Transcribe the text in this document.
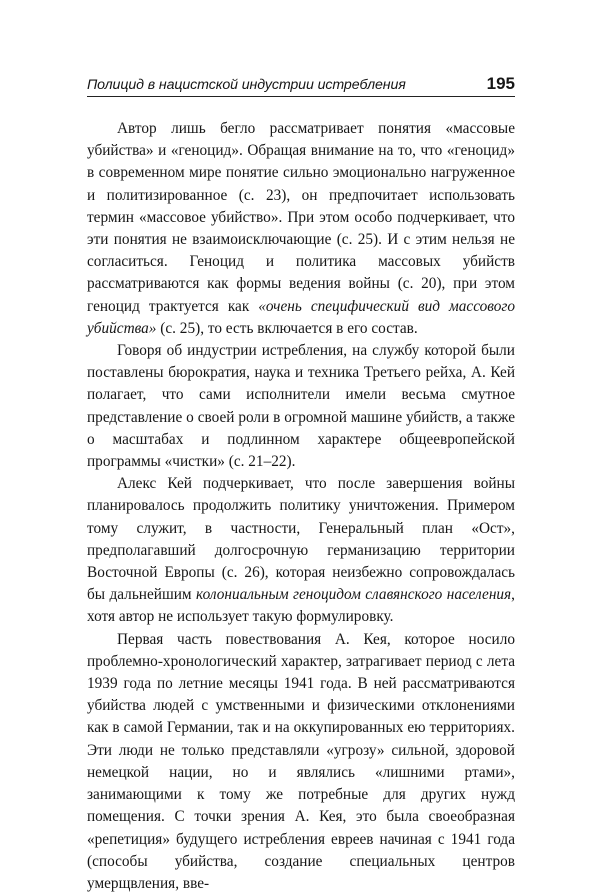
Полицид в нацистской индустрии истребления	195

Автор лишь бегло рассматривает понятия «массовые убийства» и «геноцид». Обращая внимание на то, что «геноцид» в современном мире понятие сильно эмоционально нагруженное и политизированное (с. 23), он предпочитает использовать термин «массовое убийство». При этом особо подчеркивает, что эти понятия не взаимоисключающие (с. 25). И с этим нельзя не согласиться. Геноцид и политика массовых убийств рассматриваются как формы ведения войны (с. 20), при этом геноцид трактуется как «очень специфический вид массового убийства» (с. 25), то есть включается в его состав.

Говоря об индустрии истребления, на службу которой были поставлены бюрократия, наука и техника Третьего рейха, А. Кей полагает, что сами исполнители имели весьма смутное представление о своей роли в огромной машине убийств, а также о масштабах и подлинном характере общеевропейской программы «чистки» (с. 21–22).

Алекс Кей подчеркивает, что после завершения войны планировалось продолжить политику уничтожения. Примером тому служит, в частности, Генеральный план «Ост», предполагавший долгосрочную германизацию территории Восточной Европы (с. 26), которая неизбежно сопровождалась бы дальнейшим колониальным геноцидом славянского населения, хотя автор не использует такую формулировку.

Первая часть повествования А. Кея, которое носило проблемно-хронологический характер, затрагивает период с лета 1939 года по летние месяцы 1941 года. В ней рассматриваются убийства людей с умственными и физическими отклонениями как в самой Германии, так и на оккупированных ею территориях. Эти люди не только представляли «угрозу» сильной, здоровой немецкой нации, но и являлись «лишними ртами», занимающими к тому же потребные для других нужд помещения. С точки зрения А. Кея, это была своеобразная «репетиция» будущего истребления евреев начиная с 1941 года (способы убийства, создание специальных центров умерщвления, вве-
